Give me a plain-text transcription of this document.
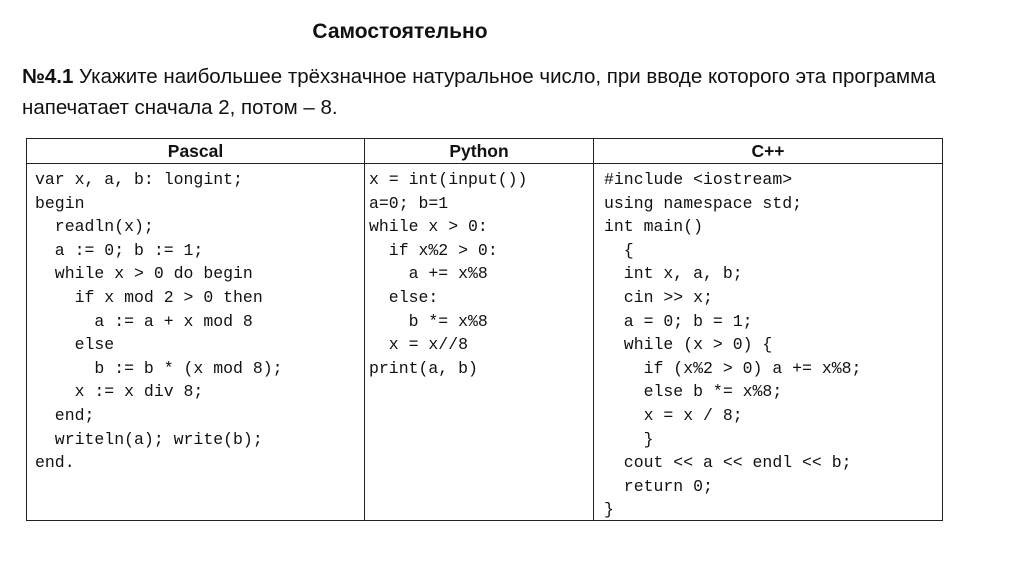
Самостоятельно
№4.1 Укажите наибольшее трёхзначное натуральное число, при вводе которого эта программа напечатает сначала 2, потом – 8.
Pascal
var x, a, b: longint;
begin
readln(x);
a := 0; b := 1;
while x > 0 do begin
if x mod 2 > 0 then
a := a + x mod 8
else
b := b * (x mod 8);
x := x div 8;
end;
writeln(a); write(b);
end.
Python
x = int(input())
a=0; b=1
while x > 0:
if x%2 > 0:
a += x%8
else:
b *= x%8
x = x//8
print(a, b)
C++
#include <iostream>
using namespace std;
int main()
{
int x, a, b;
cin >> x;
a = 0; b = 1;
while (x > 0) {
if (x%2 > 0) a += x%8;
else b *= x%8;
x = x / 8;
}
cout << a << endl << b;
return 0;
}
